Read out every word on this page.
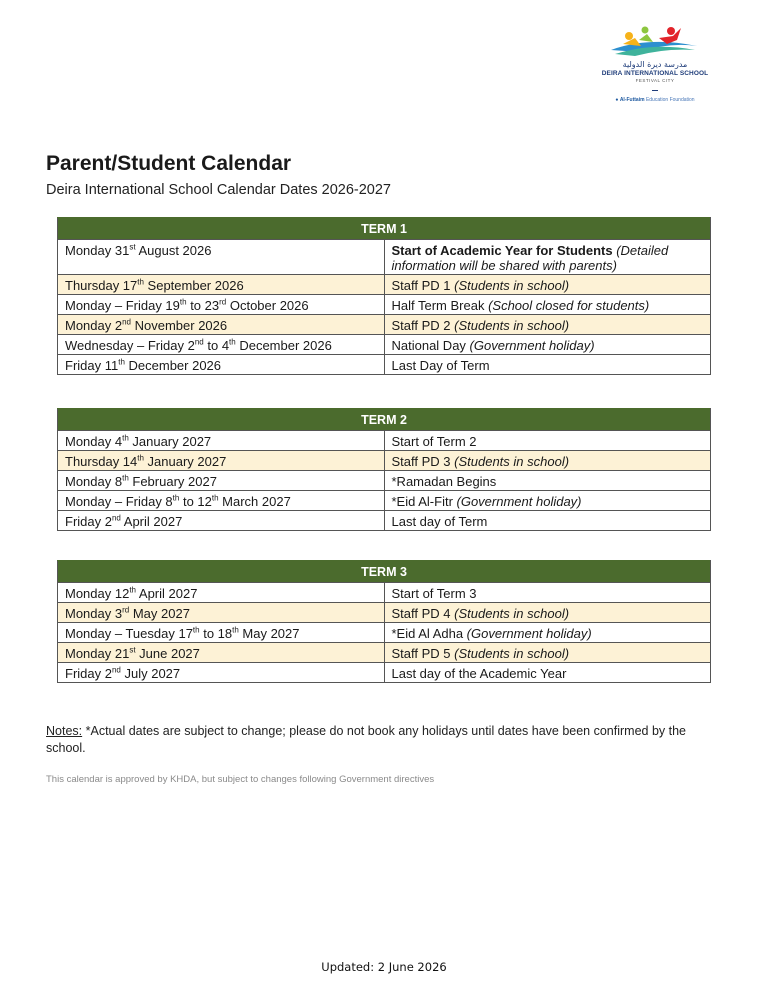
مدرسة ديرة الدولية
DEIRA INTERNATIONAL SCHOOL
FESTIVAL CITY
● Al-Futtaim Education Foundation
Parent/Student Calendar
Deira International School Calendar Dates 2026-2027
TERM 1	
Monday 31st August 2026	Start of Academic Year for Students (Detailed information will be shared with parents)
Thursday 17th September 2026	Staff PD 1 (Students in school)
Monday – Friday 19th to 23rd October 2026	Half Term Break (School closed for students)
Monday 2nd November 2026	Staff PD 2 (Students in school)
Wednesday – Friday 2nd to 4th December 2026	National Day (Government holiday)
Friday 11th December 2026	Last Day of Term
TERM 2	
Monday 4th January 2027	Start of Term 2
Thursday 14th January 2027	Staff PD 3 (Students in school)
Monday 8th February 2027	*Ramadan Begins
Monday – Friday 8th to 12th March 2027	*Eid Al-Fitr (Government holiday)
Friday 2nd April 2027	Last day of Term
TERM 3	
Monday 12th April 2027	Start of Term 3
Monday 3rd May 2027	Staff PD 4 (Students in school)
Monday – Tuesday 17th to 18th May 2027	*Eid Al Adha (Government holiday)
Monday 21st June 2027	Staff PD 5 (Students in school)
Friday 2nd July 2027	Last day of the Academic Year
Notes: *Actual dates are subject to change; please do not book any holidays until dates have been confirmed by the school.
This calendar is approved by KHDA, but subject to changes following Government directives
Updated: 2 June 2026
